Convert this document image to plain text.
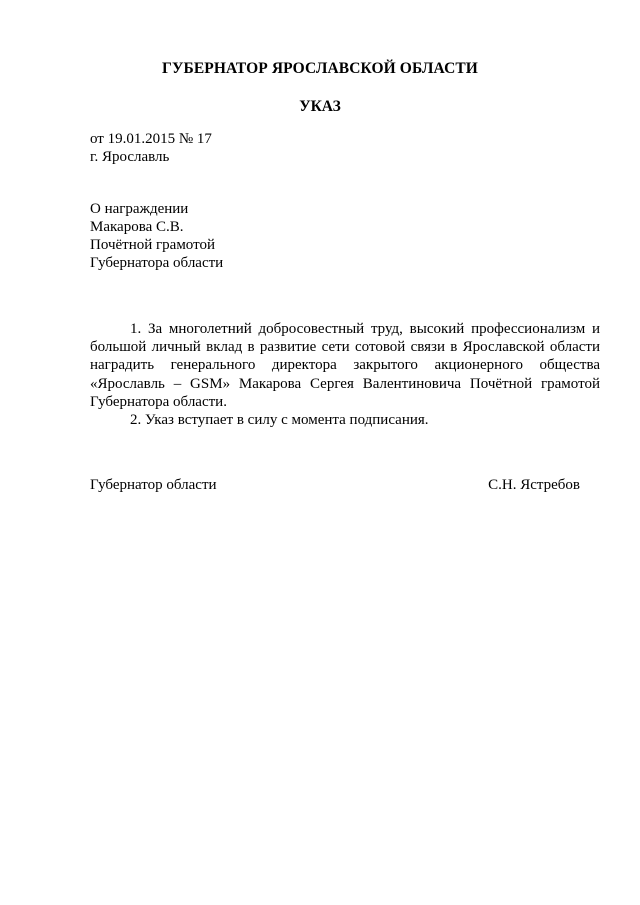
ГУБЕРНАТОР ЯРОСЛАВСКОЙ ОБЛАСТИ
УКАЗ
от 19.01.2015 № 17
г. Ярославль
О награждении
Макарова С.В.
Почётной грамотой
Губернатора области

1. За многолетний добросовестный труд, высокий профессионализм и большой личный вклад в развитие сети сотовой связи в Ярославской области наградить генерального директора закрытого акционерного общества «Ярославль – GSM» Макарова Сергея Валентиновича Почётной грамотой Губернатора области.

2. Указ вступает в силу с момента подписания.

Губернатор области	С.Н. Ястребов
